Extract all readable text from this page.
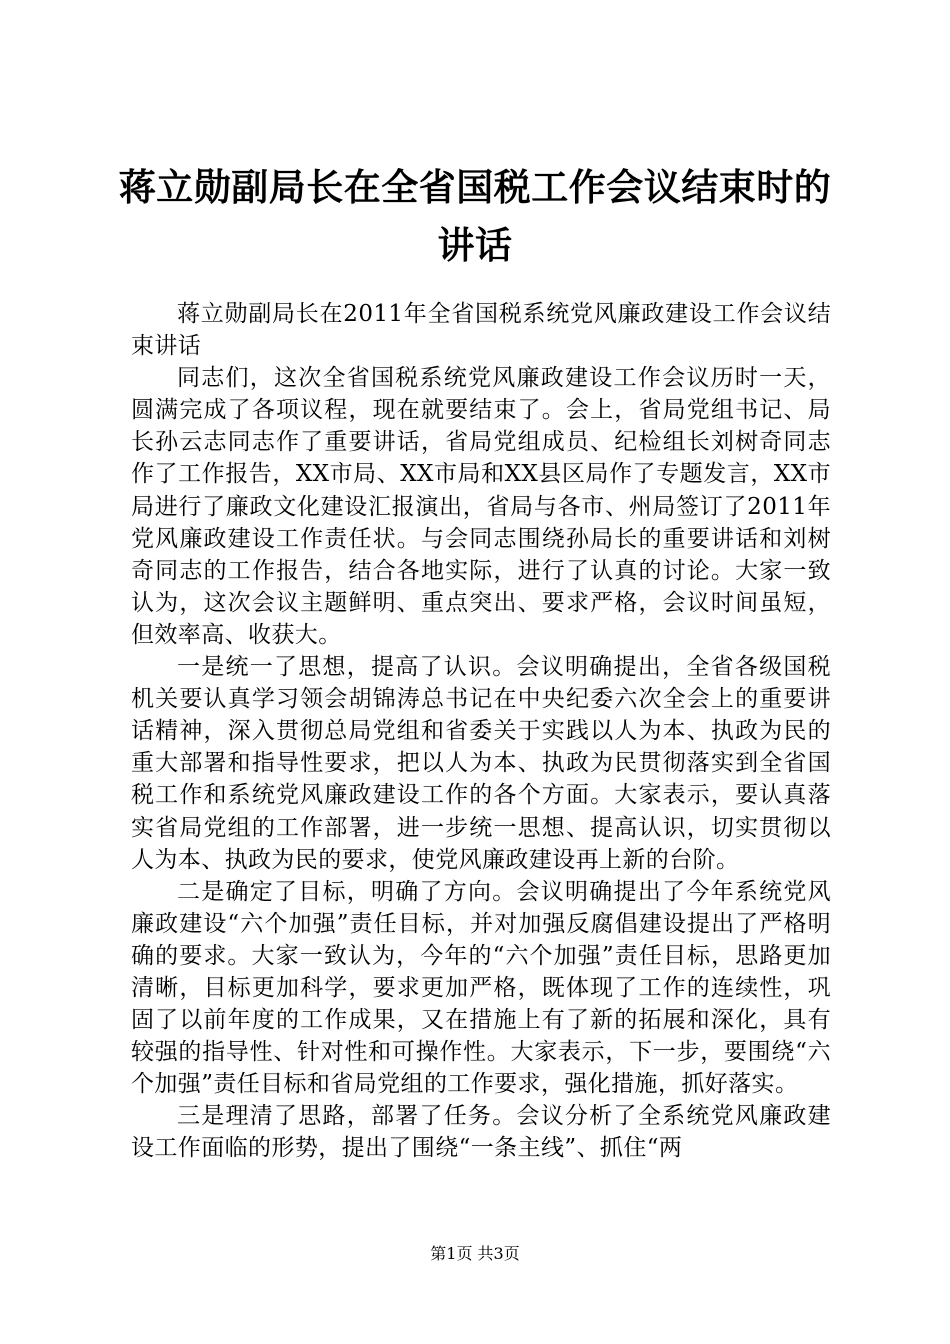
蒋立勋副局长在全省国税工作会议结束时的讲话

蒋立勋副局长在2011年全省国税系统党风廉政建设工作会议结束讲话

同志们，这次全省国税系统党风廉政建设工作会议历时一天，圆满完成了各项议程，现在就要结束了。会上，省局党组书记、局长孙云志同志作了重要讲话，省局党组成员、纪检组长刘树奇同志作了工作报告，XX市局、XX市局和XX县区局作了专题发言，XX市局进行了廉政文化建设汇报演出，省局与各市、州局签订了2011年党风廉政建设工作责任状。与会同志围绕孙局长的重要讲话和刘树奇同志的工作报告，结合各地实际，进行了认真的讨论。大家一致认为，这次会议主题鲜明、重点突出、要求严格，会议时间虽短，但效率高、收获大。

一是统一了思想，提高了认识。会议明确提出，全省各级国税机关要认真学习领会胡锦涛总书记在中央纪委六次全会上的重要讲话精神，深入贯彻总局党组和省委关于实践以人为本、执政为民的重大部署和指导性要求，把以人为本、执政为民贯彻落实到全省国税工作和系统党风廉政建设工作的各个方面。大家表示，要认真落实省局党组的工作部署，进一步统一思想、提高认识，切实贯彻以人为本、执政为民的要求，使党风廉政建设再上新的台阶。

二是确定了目标，明确了方向。会议明确提出了今年系统党风廉政建设“六个加强”责任目标，并对加强反腐倡建设提出了严格明确的要求。大家一致认为，今年的“六个加强”责任目标，思路更加清晰，目标更加科学，要求更加严格，既体现了工作的连续性，巩固了以前年度的工作成果，又在措施上有了新的拓展和深化，具有较强的指导性、针对性和可操作性。大家表示，下一步，要围绕“六个加强”责任目标和省局党组的工作要求，强化措施，抓好落实。

三是理清了思路，部署了任务。会议分析了全系统党风廉政建设工作面临的形势，提出了围绕“一条主线”、抓住“两

第1页 共3页
